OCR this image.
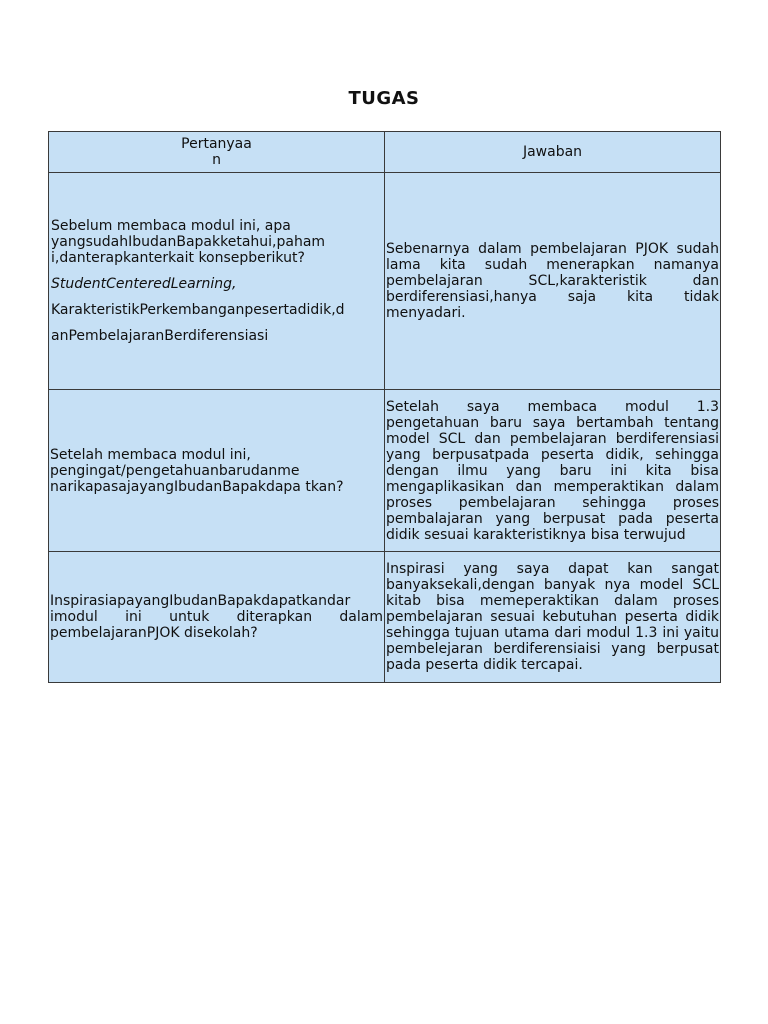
TUGAS
Pertanyaa
n	Jawaban

Sebelum membaca modul ini, apa yangsudahIbudanBapakketahui,paham i,danterapkanterkait konsepberikut?

StudentCenteredLearning,

KarakteristikPerkembanganpesertadidik,d

anPembelajaranBerdiferensiasi	Sebenarnya dalam pembelajaran PJOK sudah lama kita sudah menerapkan namanya pembelajaran SCL,karakteristik dan berdiferensiasi,hanya saja kita tidak menyadari.

Setelah membaca modul ini, pengingat/pengetahuanbarudanme narikapasajayangIbudanBapakdapa tkan?	Setelah saya membaca modul 1.3 pengetahuan baru saya bertambah tentang model SCL dan pembelajaran berdiferensiasi yang berpusatpada peserta didik, sehingga dengan ilmu yang baru ini kita bisa mengaplikasikan dan memperaktikan dalam proses pembelajaran sehingga proses pembalajaran yang berpusat pada peserta didik sesuai karakteristiknya bisa terwujud

InspirasiapayangIbudanBapakdapatkandar imodul ini untuk diterapkan dalam pembelajaranPJOK disekolah?	Inspirasi yang saya dapat kan sangat banyaksekali,dengan banyak nya model SCL kitab bisa memeperaktikan dalam proses pembelajaran sesuai kebutuhan peserta didik sehingga tujuan utama dari modul 1.3 ini yaitu pembelejaran berdiferensiaisi yang berpusat pada peserta didik tercapai.
